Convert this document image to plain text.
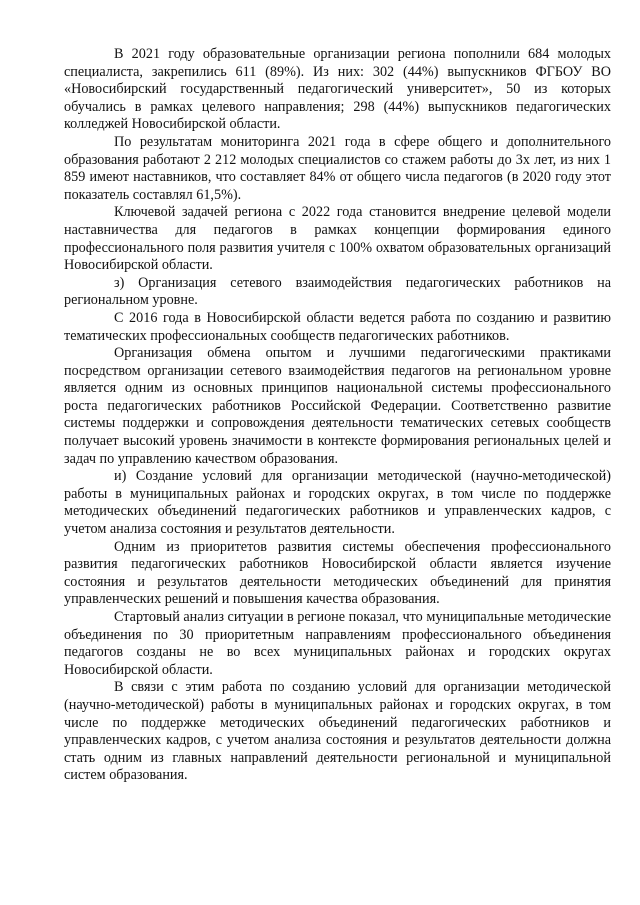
В 2021 году образовательные организации региона пополнили 684 молодых специалиста, закрепились 611 (89%). Из них: 302 (44%) выпускников ФГБОУ ВО «Новосибирский государственный педагогический университет», 50 из которых обучались в рамках целевого направления; 298 (44%) выпускников педагогических колледжей Новосибирской области.

По результатам мониторинга 2021 года в сфере общего и дополнительного образования работают 2 212 молодых специалистов со стажем работы до 3х лет, из них 1 859 имеют наставников, что составляет 84% от общего числа педагогов (в 2020 году этот показатель составлял 61,5%).

Ключевой задачей региона с 2022 года становится внедрение целевой модели наставничества для педагогов в рамках концепции формирования единого профессионального поля развития учителя с 100% охватом образовательных организаций Новосибирской области.

з) Организация сетевого взаимодействия педагогических работников на региональном уровне.

С 2016 года в Новосибирской области ведется работа по созданию и развитию тематических профессиональных сообществ педагогических работников.

Организация обмена опытом и лучшими педагогическими практиками посредством организации сетевого взаимодействия педагогов на региональном уровне является одним из основных принципов национальной системы профессионального роста педагогических работников Российской Федерации. Соответственно развитие системы поддержки и сопровождения деятельности тематических сетевых сообществ получает высокий уровень значимости в контексте формирования региональных целей и задач по управлению качеством образования.

и) Создание условий для организации методической (научно-методической) работы в муниципальных районах и городских округах, в том числе по поддержке методических объединений педагогических работников и управленческих кадров, с учетом анализа состояния и результатов деятельности.

Одним из приоритетов развития системы обеспечения профессионального развития педагогических работников Новосибирской области является изучение состояния и результатов деятельности методических объединений для принятия управленческих решений и повышения качества образования.

Стартовый анализ ситуации в регионе показал, что муниципальные методические объединения по 30 приоритетным направлениям профессионального объединения педагогов созданы не во всех муниципальных районах и городских округах Новосибирской области.

В связи с этим работа по созданию условий для организации методической (научно-методической) работы в муниципальных районах и городских округах, в том числе по поддержке методических объединений педагогических работников и управленческих кадров, с учетом анализа состояния и результатов деятельности должна стать одним из главных направлений деятельности региональной и муниципальной систем образования.
